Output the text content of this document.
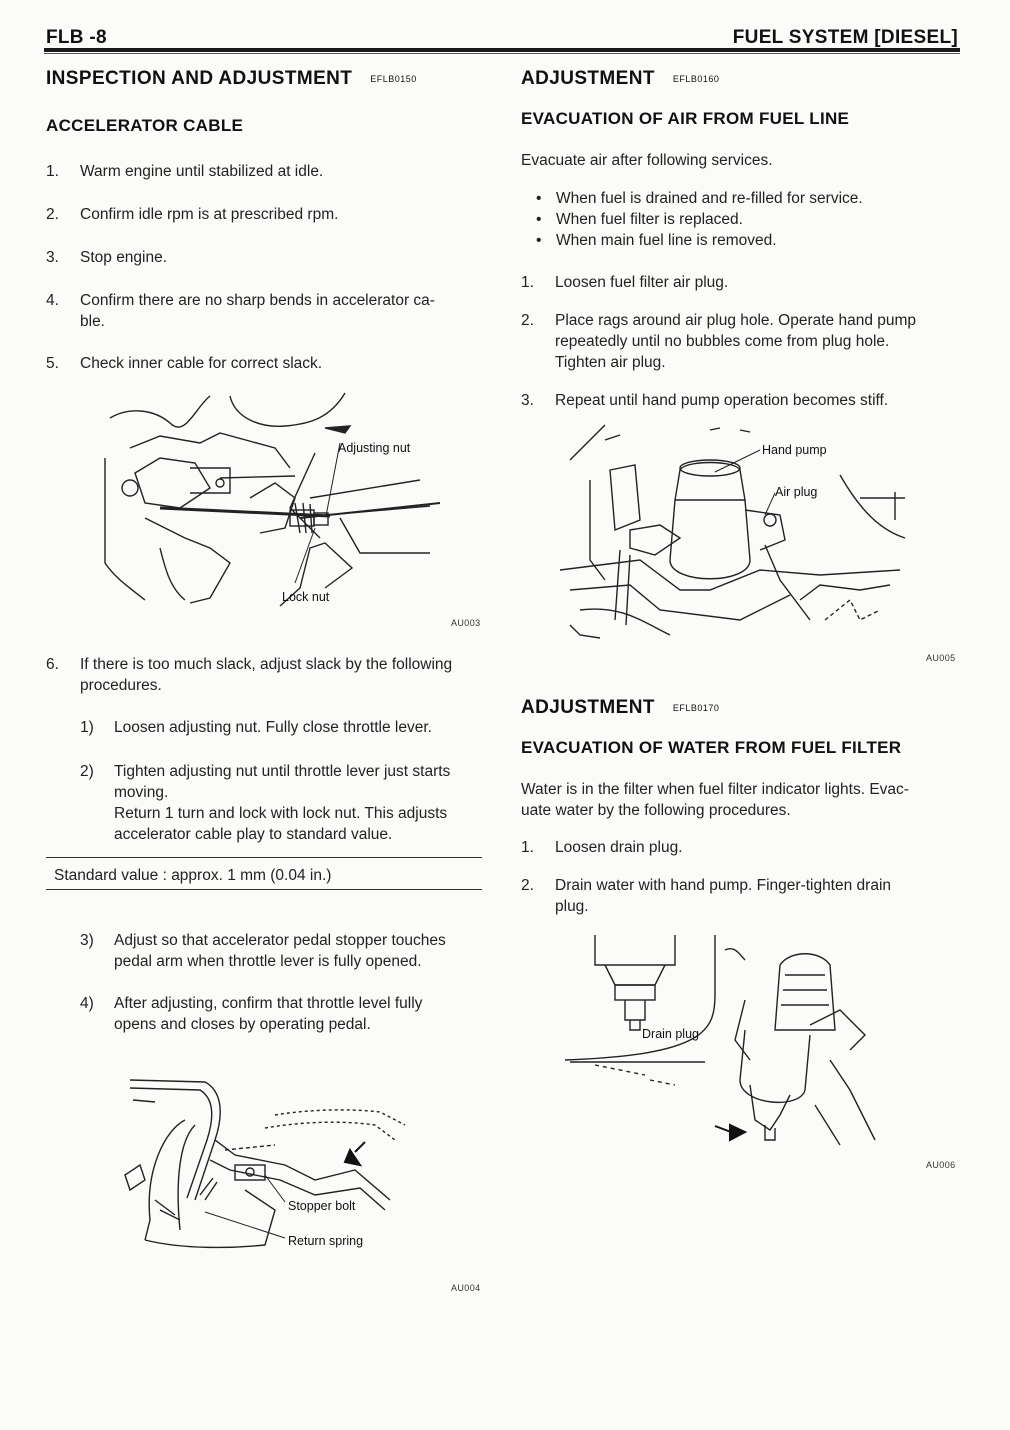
FLB -8	FUEL SYSTEM [DIESEL]
INSPECTION AND ADJUSTMENT EFLB0150
ACCELERATOR CABLE
1. Warm engine until stabilized at idle.
2. Confirm idle rpm is at prescribed rpm.
3. Stop engine.
4. Confirm there are no sharp bends in accelerator ca-
ble.
5. Check inner cable for correct slack.
Adjusting nut
Lock nut
AU003
6. If there is too much slack, adjust slack by the following
procedures.
1) Loosen adjusting nut. Fully close throttle lever.
2) Tighten adjusting nut until throttle lever just starts
moving.
Return 1 turn and lock with lock nut. This adjusts
accelerator cable play to standard value.
Standard value : approx. 1 mm (0.04 in.)
3) Adjust so that accelerator pedal stopper touches
pedal arm when throttle lever is fully opened.
4) After adjusting, confirm that throttle level fully
opens and closes by operating pedal.
Stopper bolt
Return spring
AU004
ADJUSTMENT EFLB0160
EVACUATION OF AIR FROM FUEL LINE
Evacuate air after following services.
• When fuel is drained and re-filled for service.
• When fuel filter is replaced.
• When main fuel line is removed.
1. Loosen fuel filter air plug.
2. Place rags around air plug hole. Operate hand pump
repeatedly until no bubbles come from plug hole.
Tighten air plug.
3. Repeat until hand pump operation becomes stiff.
Hand pump
Air plug
AU005
ADJUSTMENT EFLB0170
EVACUATION OF WATER FROM FUEL FILTER
Water is in the filter when fuel filter indicator lights. Evac-
uate water by the following procedures.
1. Loosen drain plug.
2. Drain water with hand pump. Finger-tighten drain
plug.
Drain plug
AU006
